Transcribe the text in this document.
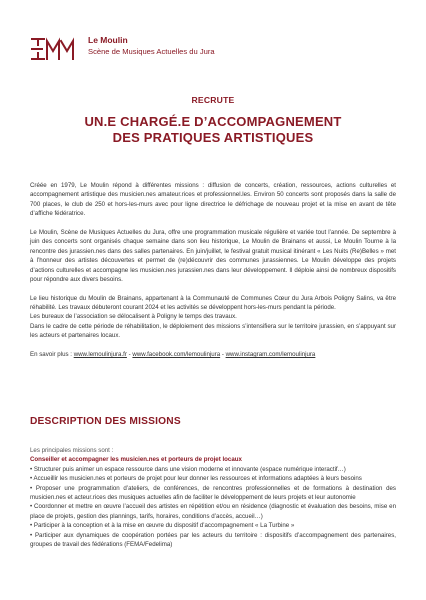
Le Moulin
Scène de Musiques Actuelles du Jura
RECRUTE
UN.E CHARGÉ.E D’ACCOMPAGNEMENT
DES PRATIQUES ARTISTIQUES

Créée en 1979, Le Moulin répond à différentes missions : diffusion de concerts, création, ressources, actions culturelles et accompagnement artistique des musicien.nes amateur.rices et professionnel.les. Environ 50 concerts sont proposés dans la salle de 700 places, le club de 250 et hors-les-murs avec pour ligne directrice le défrichage de nouveau projet et la mise en avant de tête d’affiche fédératrice.

Le Moulin, Scène de Musiques Actuelles du Jura, offre une programmation musicale régulière et variée tout l’année. De septembre à juin des concerts sont organisés chaque semaine dans son lieu historique, Le Moulin de Brainans et aussi, Le Moulin Tourne à la rencontre des jurassien.nes dans des salles partenaires. En juin/juillet, le festival gratuit musical itinérant « Les Nuits (Re)Belles » met à l’honneur des artistes découvertes et permet de (re)découvrir des communes jurassiennes. Le Moulin développe des projets d’actions culturelles et accompagne les musicien.nes jurassien.nes dans leur développement. Il déploie ainsi de nombreux dispositifs pour répondre aux divers besoins.

Le lieu historique du Moulin de Brainans, appartenant à la Communauté de Communes Cœur du Jura Arbois Poligny Salins, va être réhabilité. Les travaux débuteront courant 2024 et les activités se développent hors-les-murs pendant la période.

Les bureaux de l’association se délocalisent à Poligny le temps des travaux.

Dans le cadre de cette période de réhabilitation, le déploiement des missions s’intensifiera sur le territoire jurassien, en s’appuyant sur les acteurs et partenaires locaux.

En savoir plus : www.lemoulinjura.fr - www.facebook.com/lemoulinjura - www.instagram.com/lemoulinjura

DESCRIPTION DES MISSIONS
Les principales missions sont :
Conseiller et accompagner les musicien.nes et porteurs de projet locaux
• Structurer puis animer un espace ressource dans une vision moderne et innovante (espace numérique interactif…)
• Accueillir les musicien.nes et porteurs de projet pour leur donner les ressources et informations adaptées à leurs besoins
• Proposer une programmation d’ateliers, de conférences, de rencontres professionnelles et de formations à destination des musicien.nes et acteur.rices des musiques actuelles afin de faciliter le développement de leurs projets et leur autonomie
• Coordonner et mettre en œuvre l’accueil des artistes en répétition et/ou en résidence (diagnostic et évaluation des besoins, mise en place de projets, gestion des plannings, tarifs, horaires, conditions d’accès, accueil…)
• Participer à la conception et à la mise en œuvre du dispositif d’accompagnement « La Turbine »
• Participer aux dynamiques de coopération portées par les acteurs du territoire : dispositifs d’accompagnement des partenaires, groupes de travail des fédérations (FEMA/Fedelima)
